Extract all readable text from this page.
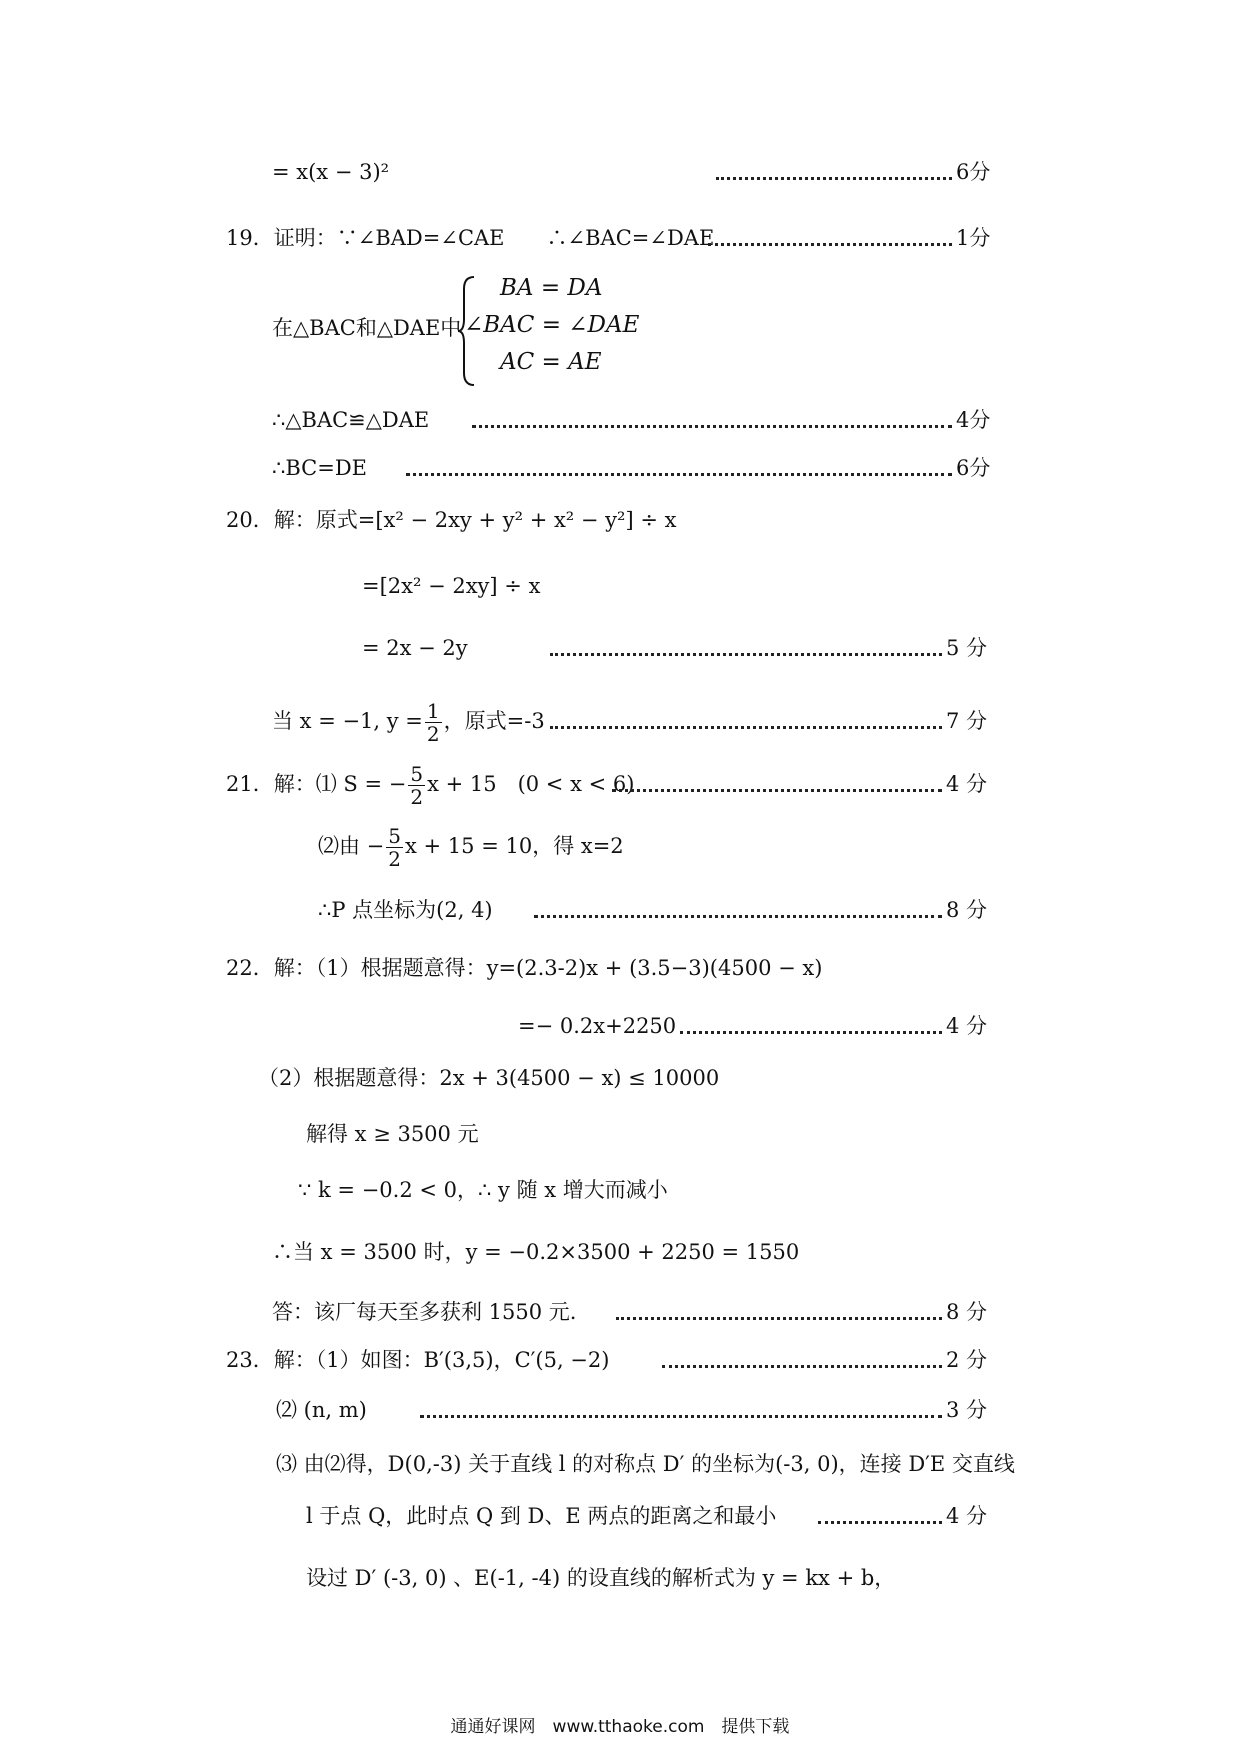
= x(x − 3)²	6分
19．证明：∵∠BAD=∠CAE　　∴∠BAC=∠DAE	1分
在△BAC和△DAE中
BA = DA
∠BAC = ∠DAE
AC = AE
∴△BAC≌△DAE	4分
∴BC=DE	6分
20．解：原式=[x² − 2xy + y² + x² − y²] ÷ x
=[2x² − 2xy] ÷ x
= 2x − 2y	5 分
当 x = −1, $y = \frac{1}{2}$ ，原式=-3	7 分
21．解：⑴ S = − $\frac{5}{2}$ x + 15　(0 < x < 6)	4 分
⑵由 − $\frac{5}{2}$ x + 15 = 10，得 x=2
∴P 点坐标为(2, 4)	8 分
22．解：（1）根据题意得：y=(2.3-2)x + (3.5−3)(4500 − x)
=− 0.2x+2250	4 分
（2）根据题意得：2x + 3(4500 − x) ≤ 10000
解得 x ≥ 3500 元
∵ k = −0.2 < 0，∴ y 随 x 增大而减小
∴当 x = 3500 时，y = −0.2×3500 + 2250 = 1550
答：该厂每天至多获利 1550 元.	8 分
23．解：（1）如图：B′(3,5)，C′(5, −2)	2 分
⑵ (n, m)	3 分
⑶ 由⑵得，D(0,-3) 关于直线 l 的对称点 D′ 的坐标为(-3, 0)，连接 D′E 交直线
l 于点 Q，此时点 Q 到 D、E 两点的距离之和最小	4 分
设过 D′ (-3, 0) 、E(-1, -4) 的设直线的解析式为 y = kx + b，
通通好课网　www.tthaoke.com　提供下载
